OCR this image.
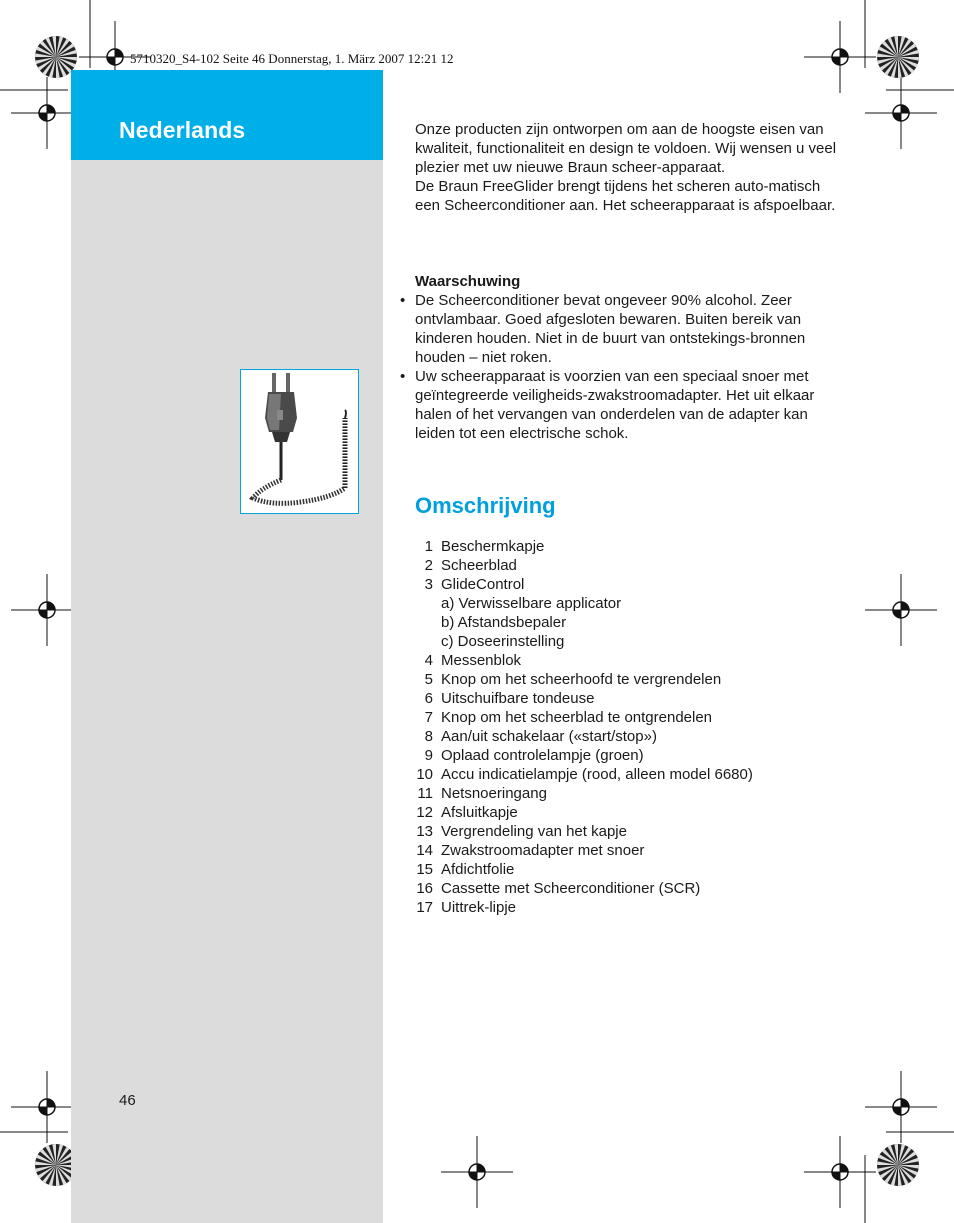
Nederlands
5710320_S4-102 Seite 46 Donnerstag, 1. März 2007 12:21 12

Onze producten zijn ontworpen om aan de hoogste eisen van kwaliteit, functionaliteit en design te voldoen. Wij wensen u veel plezier met uw nieuwe Braun scheer-apparaat.

De Braun FreeGlider brengt tijdens het scheren auto-matisch een Scheerconditioner aan. Het scheerapparaat is afspoelbaar.

Waarschuwing
• De Scheerconditioner bevat ongeveer 90% alcohol. Zeer ontvlambaar. Goed afgesloten bewaren. Buiten bereik van kinderen houden. Niet in de buurt van ontstekings-bronnen houden – niet roken.
• Uw scheerapparaat is voorzien van een speciaal snoer met geïntegreerde veiligheids-zwakstroomadapter. Het uit elkaar halen of het vervangen van onderdelen van de adapter kan leiden tot een electrische schok.
Omschrijving
1 Beschermkapje
2 Scheerblad
3 GlideControl
a) Verwisselbare applicator
b) Afstandsbepaler
c) Doseerinstelling
4 Messenblok
5 Knop om het scheerhoofd te vergrendelen
6 Uitschuifbare tondeuse
7 Knop om het scheerblad te ontgrendelen
8 Aan/uit schakelaar («start/stop»)
9 Oplaad controlelampje (groen)
10 Accu indicatielampje (rood, alleen model 6680)
11 Netsnoeringang
12 Afsluitkapje
13 Vergrendeling van het kapje
14 Zwakstroomadapter met snoer
15 Afdichtfolie
16 Cassette met Scheerconditioner (SCR)
17 Uittrek-lipje
46
